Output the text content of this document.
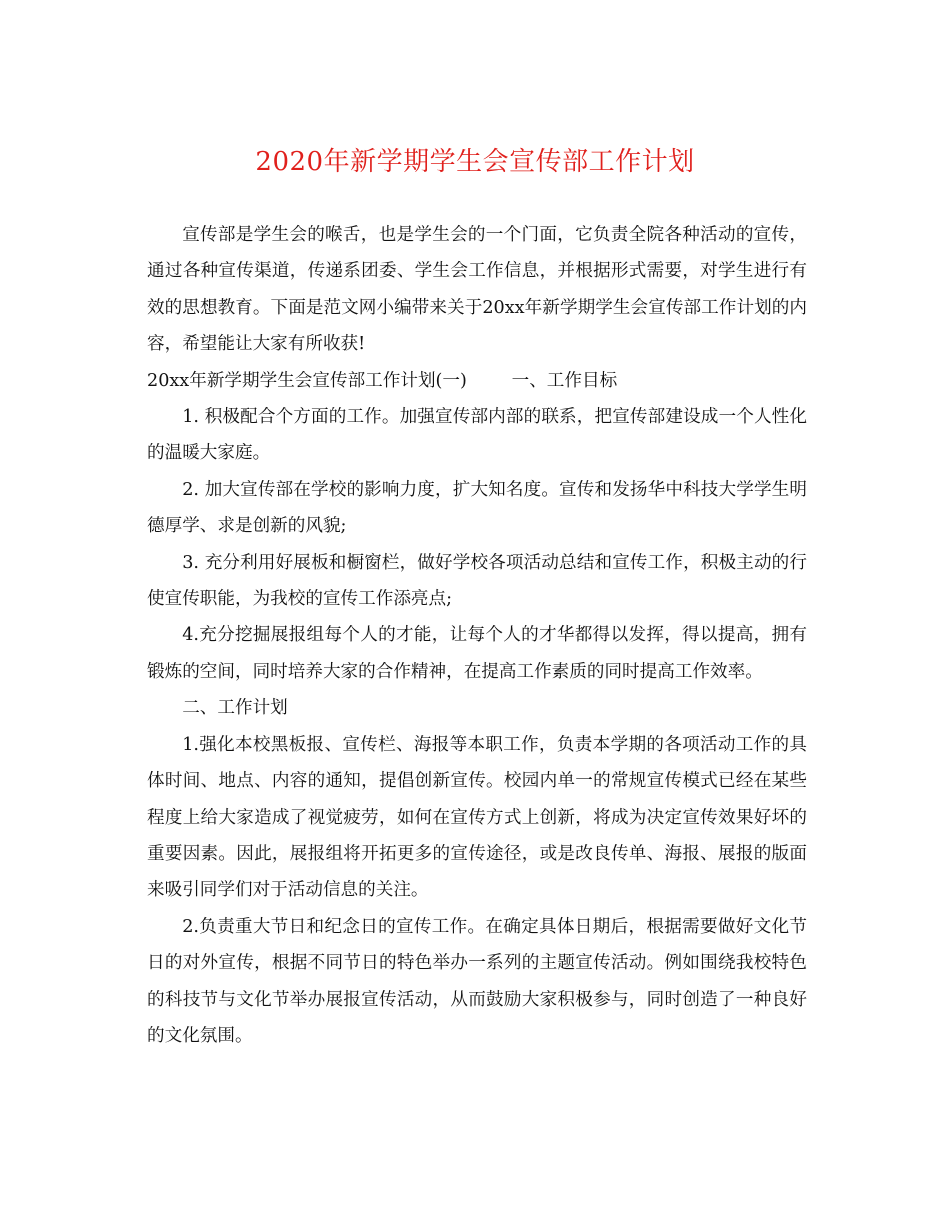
2020年新学期学生会宣传部工作计划

宣传部是学生会的喉舌，也是学生会的一个门面，它负责全院各种活动的宣传，通过各种宣传渠道，传递系团委、学生会工作信息，并根据形式需要，对学生进行有效的思想教育。下面是范文网小编带来关于20xx年新学期学生会宣传部工作计划的内容，希望能让大家有所收获!

20xx年新学期学生会宣传部工作计划(一)        一、工作目标

1. 积极配合个方面的工作。加强宣传部内部的联系，把宣传部建设成一个人性化的温暖大家庭。

2. 加大宣传部在学校的影响力度，扩大知名度。宣传和发扬华中科技大学学生明德厚学、求是创新的风貌;

3. 充分利用好展板和橱窗栏，做好学校各项活动总结和宣传工作，积极主动的行使宣传职能，为我校的宣传工作添亮点;

4.充分挖掘展报组每个人的才能，让每个人的才华都得以发挥，得以提高，拥有锻炼的空间，同时培养大家的合作精神，在提高工作素质的同时提高工作效率。

二、工作计划

1.强化本校黑板报、宣传栏、海报等本职工作，负责本学期的各项活动工作的具体时间、地点、内容的通知，提倡创新宣传。校园内单一的常规宣传模式已经在某些程度上给大家造成了视觉疲劳，如何在宣传方式上创新，将成为决定宣传效果好坏的重要因素。因此，展报组将开拓更多的宣传途径，或是改良传单、海报、展报的版面来吸引同学们对于活动信息的关注。

2.负责重大节日和纪念日的宣传工作。在确定具体日期后，根据需要做好文化节日的对外宣传，根据不同节日的特色举办一系列的主题宣传活动。例如围绕我校特色的科技节与文化节举办展报宣传活动，从而鼓励大家积极参与，同时创造了一种良好的文化氛围。
